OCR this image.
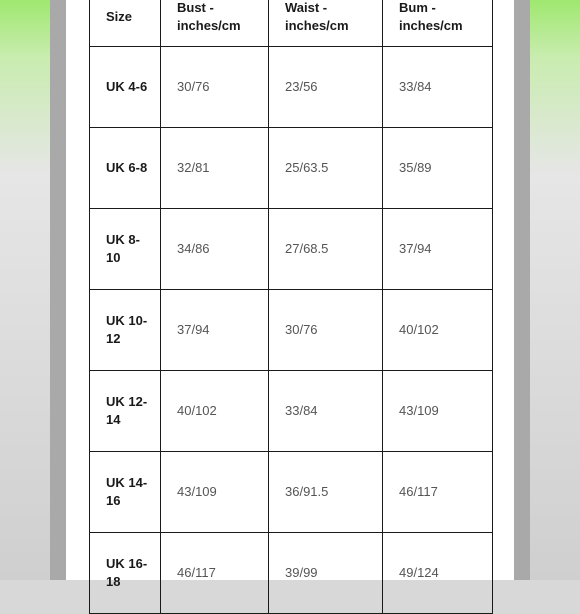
Size	Bust - inches/cm	Waist - inches/cm	Bum - inches/cm
UK 4-6	30/76	23/56	33/84
UK 6-8	32/81	25/63.5	35/89
UK 8-10	34/86	27/68.5	37/94
UK 10-12	37/94	30/76	40/102
UK 12-14	40/102	33/84	43/109
UK 14-16	43/109	36/91.5	46/117
UK 16-18	46/117	39/99	49/124
